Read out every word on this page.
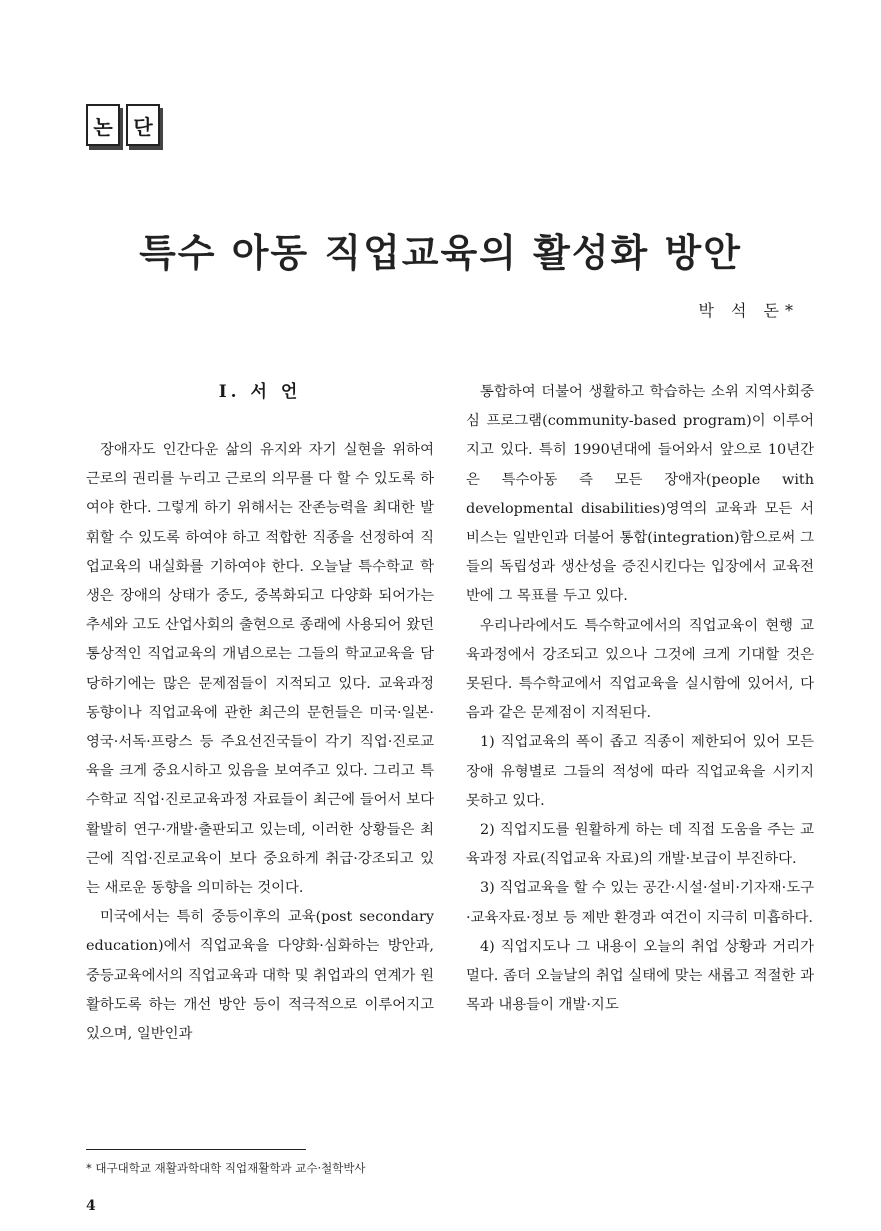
논	단
특수 아동 직업교육의 활성화 방안
박 석 돈*
I. 서 언

장애자도 인간다운 삶의 유지와 자기 실현을 위하여 근로의 권리를 누리고 근로의 의무를 다 할 수 있도록 하여야 한다. 그렇게 하기 위해서는 잔존능력을 최대한 발휘할 수 있도록 하여야 하고 적합한 직종을 선정하여 직업교육의 내실화를 기하여야 한다. 오늘날 특수학교 학생은 장애의 상태가 중도, 중복화되고 다양화 되어가는 추세와 고도 산업사회의 출현으로 종래에 사용되어 왔던 통상적인 직업교육의 개념으로는 그들의 학교교육을 담당하기에는 많은 문제점들이 지적되고 있다. 교육과정 동향이나 직업교육에 관한 최근의 문헌들은 미국·일본·영국·서독·프랑스 등 주요선진국들이 각기 직업·진로교육을 크게 중요시하고 있음을 보여주고 있다. 그리고 특수학교 직업·진로교육과정 자료들이 최근에 들어서 보다 활발히 연구·개발·출판되고 있는데, 이러한 상황들은 최근에 직업·진로교육이 보다 중요하게 취급·강조되고 있는 새로운 동향을 의미하는 것이다.

미국에서는 특히 중등이후의 교육(post secondary education)에서 직업교육을 다양화·심화하는 방안과, 중등교육에서의 직업교육과 대학 및 취업과의 연계가 원활하도록 하는 개선 방안 등이 적극적으로 이루어지고 있으며, 일반인과

통합하여 더불어 생활하고 학습하는 소위 지역사회중심 프로그램(community-based program)이 이루어 지고 있다. 특히 1990년대에 들어와서 앞으로 10년간은 특수아동 즉 모든 장애자(people with developmental disabilities)영역의 교육과 모든 서비스는 일반인과 더불어 통합(integration)함으로써 그들의 독립성과 생산성을 증진시킨다는 입장에서 교육전반에 그 목표를 두고 있다.

우리나라에서도 특수학교에서의 직업교육이 현행 교육과정에서 강조되고 있으나 그것에 크게 기대할 것은 못된다. 특수학교에서 직업교육을 실시함에 있어서, 다음과 같은 문제점이 지적된다.

1) 직업교육의 폭이 좁고 직종이 제한되어 있어 모든 장애 유형별로 그들의 적성에 따라 직업교육을 시키지 못하고 있다.

2) 직업지도를 원활하게 하는 데 직접 도움을 주는 교육과정 자료(직업교육 자료)의 개발·보급이 부진하다.

3) 직업교육을 할 수 있는 공간·시설·설비·기자재·도구·교육자료·정보 등 제반 환경과 여건이 지극히 미흡하다.

4) 직업지도나 그 내용이 오늘의 취업 상황과 거리가 멀다. 좀더 오늘날의 취업 실태에 맞는 새롭고 적절한 과목과 내용들이 개발·지도

* 대구대학교 재활과학대학 직업재활학과 교수·철학박사
4
